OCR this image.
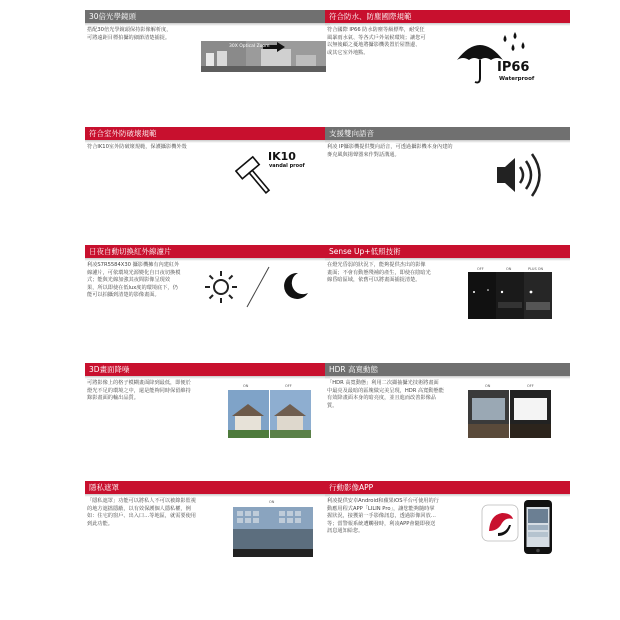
30倍光學鏡頭
搭配30倍光學鏡頭保持影像解析度，
可將遠距目標拍攝的細節清楚捕捉。
30X Optical Zoom
符合防水、防塵國際規範
符合國際 IP66 防水防塵等級標準，耐受狂
風暴雨水氣、等各式戶外氣候環境；讓您可
以無後顧之憂地將攝影機裝置於屋簷邊、
或其它室外地點。
IP66
Waterproof
符合室外防破壞規範
符合IK10室外防破壞規範，保護攝影機外殼
IK10
vandal proof
支援雙向語音
利凌 IP攝影機提供雙向語音，可透過攝影機本身內建的
麥克風與揚聲器來作對話溝通。
日夜自動切換紅外線濾片
利凌S7R5584X30 攝影機擁有內建紅外
線濾片，可依環境光源變化自日夜切換模
式；能與光線加強其夜間影像呈現效
果，所以即使在低lux度的環境底下，仍
能可以拍攝到清楚的影像畫面。
Sense Up+低照技術
在燈光昏弱的狀況下，能夠提供杰出的影像
畫面；不會有動態殘補的產生，即使在陰暗光
線昏暗區域，依舊可以將畫面捕捉清楚。
OFF	ON	PLUS ON
3D畫面降噪
可將影像上的格子模糊畫面降到最低，即便於
燈光不足的環境之中，還是能夠同時保留維持
錄影畫面的輸出品質。
ON	OFF
HDR 高寬動態
「HDR 高寬動態」利用二次擷抽攝光技術將畫面
中最亮及最暗的區塊做完美呈現，HDR 高寬動態能
有效降畫面本身的暗亮度，並且進而改善影像品
質。
ON	OFF
隱私遮罩
「隱私遮罩」功能可以將私人不可以被錄影監視
的地方遮擋隱蔽，以有效保護個人隱私權，例
如：住宅的窗戶、出入口…等地區，就需要使用
到此功能。
ON
行動影像APP
利凌提供安卓Android和蘋果iOS平台可使用的行
動應用程式APP「LILIN Pro」，讓您能夠隨時掌
握狀況，接獲第一手影像訊息，透過影像回放…
等；當警報系統遭觸發時，利凌APP會隨即發送
訊息通知給您。
